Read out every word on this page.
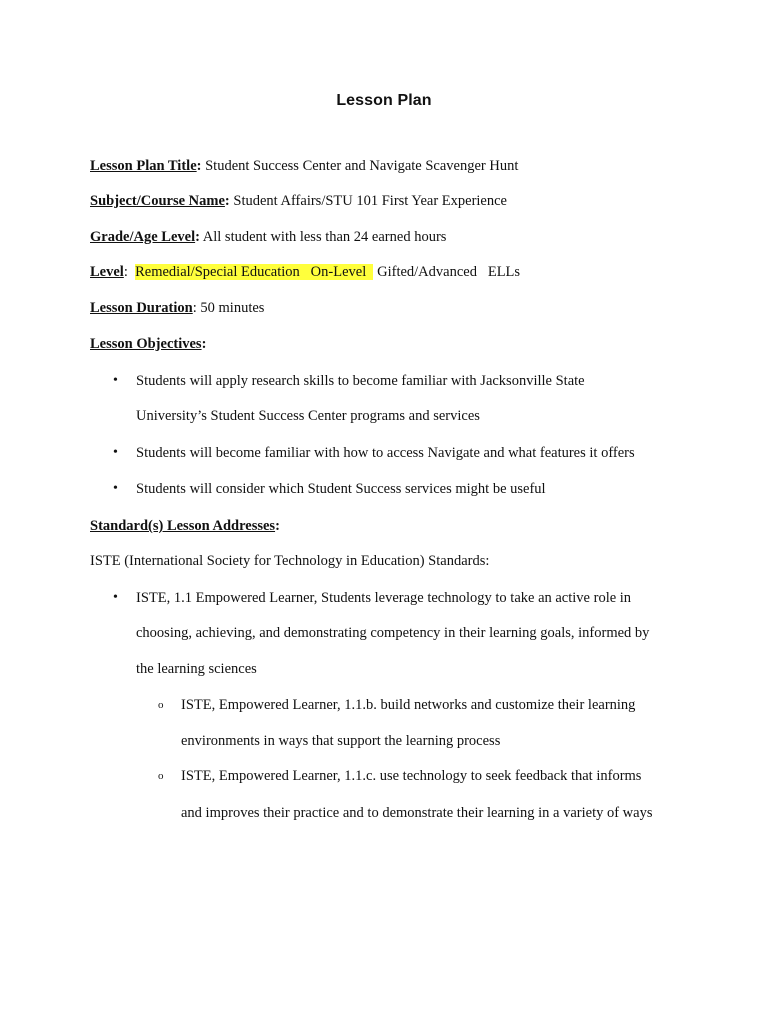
Lesson Plan
Lesson Plan Title: Student Success Center and Navigate Scavenger Hunt
Subject/Course Name: Student Affairs/STU 101 First Year Experience
Grade/Age Level: All student with less than 24 earned hours
Level: Remedial/Special Education   On-Level   Gifted/Advanced   ELLs
Lesson Duration: 50 minutes
Lesson Objectives:
• Students will apply research skills to become familiar with Jacksonville State
University’s Student Success Center programs and services
• Students will become familiar with how to access Navigate and what features it offers
• Students will consider which Student Success services might be useful
Standard(s) Lesson Addresses:
ISTE (International Society for Technology in Education) Standards:
• ISTE, 1.1 Empowered Learner, Students leverage technology to take an active role in
choosing, achieving, and demonstrating competency in their learning goals, informed by
the learning sciences
o ISTE, Empowered Learner, 1.1.b. build networks and customize their learning
environments in ways that support the learning process
o ISTE, Empowered Learner, 1.1.c. use technology to seek feedback that informs
and improves their practice and to demonstrate their learning in a variety of ways
